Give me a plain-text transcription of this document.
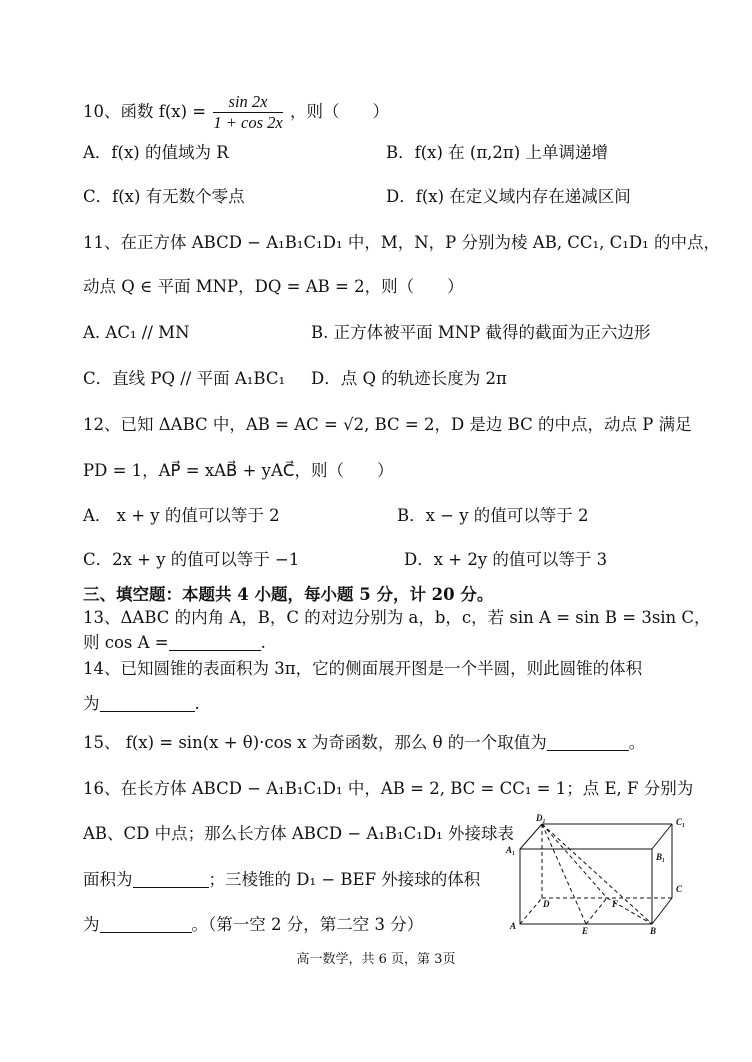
10、函数 $f(x) = \frac{\sin 2x}{1 + \cos 2x}$ ，则（　　）
A．f(x) 的值域为 R	B．f(x) 在 (π,2π) 上单调递增
C．f(x) 有无数个零点	D．f(x) 在定义域内存在递减区间
11、在正方体 ABCD − A₁B₁C₁D₁ 中，M，N，P 分别为棱 AB, CC₁, C₁D₁ 的中点，
动点 Q ∈ 平面 MNP，DQ = AB = 2，则（　　）
A. AC₁ // MN	B. 正方体被平面 MNP 截得的截面为正六边形
C．直线 PQ // 平面 A₁BC₁ D．点 Q 的轨迹长度为 2π
12、已知 ΔABC 中，AB = AC = √2, BC = 2，D 是边 BC 的中点，动点 P 满足
PD = 1，AP⃗ = xAB⃗ + yAC⃗，则（　　）
A． x + y 的值可以等于 2	B．x − y 的值可以等于 2
C．2x + y 的值可以等于 −1	D．x + 2y 的值可以等于 3
三、填空题：本题共 4 小题，每小题 5 分，计 20 分。
13、ΔABC 的内角 A，B，C 的对边分别为 a，b，c，若 sin A = sin B = 3sin C，
则 cos A =	.
14、已知圆锥的表面积为 3π，它的侧面展开图是一个半圆，则此圆锥的体积
为	.
15、 f(x) = sin(x + θ)·cos x 为奇函数，那么 θ 的一个取值为	。
16、在长方体 ABCD − A₁B₁C₁D₁ 中，AB = 2, BC = CC₁ = 1；点 E, F 分别为
AB、CD 中点；那么长方体 ABCD − A₁B₁C₁D₁ 外接球表
面积为	；三棱锥的 D₁ − BEF 外接球的体积
为	。（第一空 2 分，第二空 3 分）
D₁	C₁
A₁
B₁
C
D	F
A	E	B
高一数学，共 6 页，第 3页
